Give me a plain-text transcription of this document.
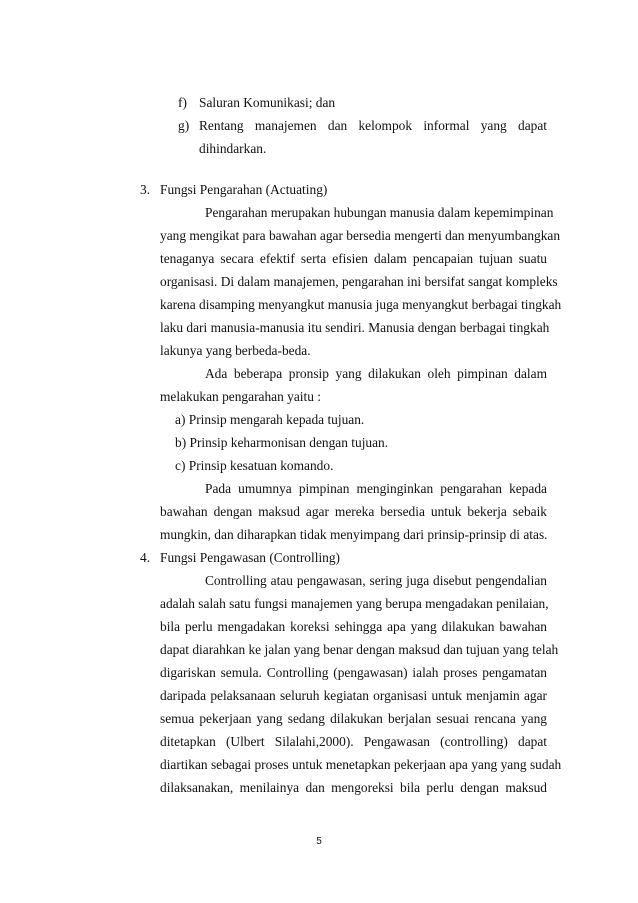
f) Saluran Komunikasi; dan
g) Rentang manajemen dan kelompok informal yang dapat
dihindarkan.
3. Fungsi Pengarahan (Actuating)
Pengarahan merupakan hubungan manusia dalam kepemimpinan
yang mengikat para bawahan agar bersedia mengerti dan menyumbangkan
tenaganya secara efektif serta efisien dalam pencapaian tujuan suatu
organisasi. Di dalam manajemen, pengarahan ini bersifat sangat kompleks
karena disamping menyangkut manusia juga menyangkut berbagai tingkah
laku dari manusia-manusia itu sendiri. Manusia dengan berbagai tingkah
lakunya yang berbeda-beda.
Ada beberapa pronsip yang dilakukan oleh pimpinan dalam
melakukan pengarahan yaitu :
a) Prinsip mengarah kepada tujuan.
b) Prinsip keharmonisan dengan tujuan.
c) Prinsip kesatuan komando.
Pada umumnya pimpinan menginginkan pengarahan kepada
bawahan dengan maksud agar mereka bersedia untuk bekerja sebaik
mungkin, dan diharapkan tidak menyimpang dari prinsip-prinsip di atas.
4. Fungsi Pengawasan (Controlling)
Controlling atau pengawasan, sering juga disebut pengendalian
adalah salah satu fungsi manajemen yang berupa mengadakan penilaian,
bila perlu mengadakan koreksi sehingga apa yang dilakukan bawahan
dapat diarahkan ke jalan yang benar dengan maksud dan tujuan yang telah
digariskan semula. Controlling (pengawasan) ialah proses pengamatan
daripada pelaksanaan seluruh kegiatan organisasi untuk menjamin agar
semua pekerjaan yang sedang dilakukan berjalan sesuai rencana yang
ditetapkan (Ulbert Silalahi,2000). Pengawasan (controlling) dapat
diartikan sebagai proses untuk menetapkan pekerjaan apa yang yang sudah
dilaksanakan, menilainya dan mengoreksi bila perlu dengan maksud
5
